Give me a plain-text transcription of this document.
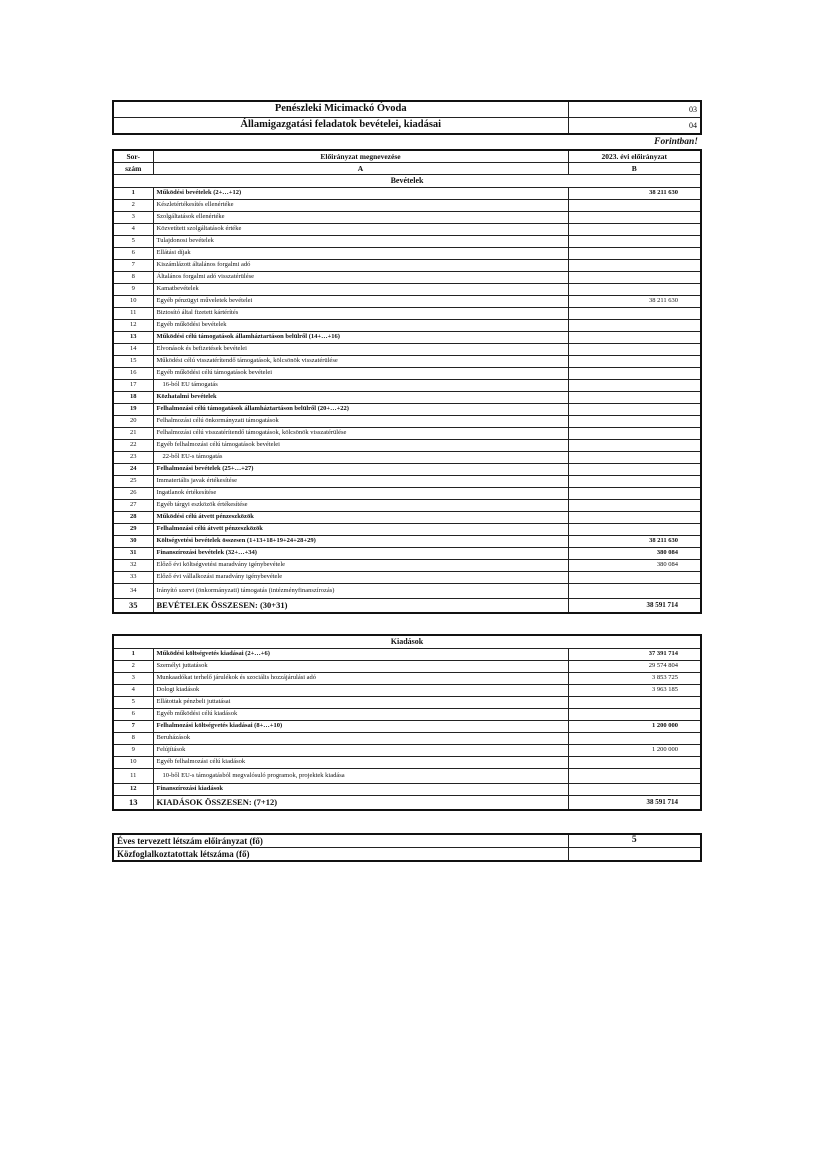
Penészleki Micimackó Óvoda	03
Államigazgatási feladatok bevételei, kiadásai	04
Forintban!
Sor-	Előirányzat megnevezése	2023. évi előirányzat
szám	A	B
Bevételek		
1	Működési bevételek (2+…+12)	38 211 630
2	Készletértékesítés ellenértéke	
3	Szolgáltatások ellenértéke	
4	Közvetített szolgáltatások értéke	
5	Tulajdonosi bevételek	
6	Ellátási díjak	
7	Kiszámlázott általános forgalmi adó	
8	Általános forgalmi adó visszatérülése	
9	Kamatbevételek	
10	Egyéb pénzügyi műveletek bevételei	38 211 630
11	Biztosító által fizetett kártérítés	
12	Egyéb működési bevételek	
13	Működési célú támogatások államháztartáson belülről (14+…+16)	
14	Elvonások és befizetések bevételei	
15	Működési célú visszatérítendő támogatások, kölcsönök visszatérülése	
16	Egyéb működési célú támogatások bevételei	
17	16-ból EU támogatás	
18	Közhatalmi bevételek	
19	Felhalmozási célú támogatások államháztartáson belülről (20+…+22)	
20	Felhalmozási célú önkormányzati támogatások	
21	Felhalmozási célú visszatérítendő támogatások, kölcsönök visszatérülése	
22	Egyéb felhalmozási célú támogatások bevételei	
23	22-ből EU-s támogatás	
24	Felhalmozási bevételek (25+…+27)	
25	Immateriális javak értékesítése	
26	Ingatlanok értékesítése	
27	Egyéb tárgyi eszközök értékesítése	
28	Működési célú átvett pénzeszközök	
29	Felhalmozási célú átvett pénzeszközök	
30	Költségvetési bevételek összesen (1+13+18+19+24+28+29)	38 211 630
31	Finanszírozási bevételek (32+…+34)	380 084
32	Előző évi költségvetési maradvány igénybevétele	380 084
33	Előző évi vállalkozási maradvány igénybevétele	
34	Irányító szervi (önkormányzati) támogatás (intézményfinanszírozás)	
35	BEVÉTELEK ÖSSZESEN: (30+31)	38 591 714
Kiadások		
1	Működési költségvetés kiadásai (2+…+6)	37 391 714
2	Személyi juttatások	29 574 804
3	Munkaadókat terhelő járulékok és szociális hozzájárulási adó	3 853 725
4	Dologi kiadások	3 963 185
5	Ellátottak pénzbeli juttatásai	
6	Egyéb működési célú kiadások	
7	Felhalmozási költségvetés kiadásai (8+…+10)	1 200 000
8	Beruházások	
9	Felújítások	1 200 000
10	Egyéb felhalmozási célú kiadások	
11	10-ből EU-s támogatásból megvalósuló programok, projektek kiadása	
12	Finanszírozási kiadások	
13	KIADÁSOK ÖSSZESEN: (7+12)	38 591 714
Éves tervezett létszám előirányzat (fő)	5
Közfoglalkoztatottak létszáma (fő)	
